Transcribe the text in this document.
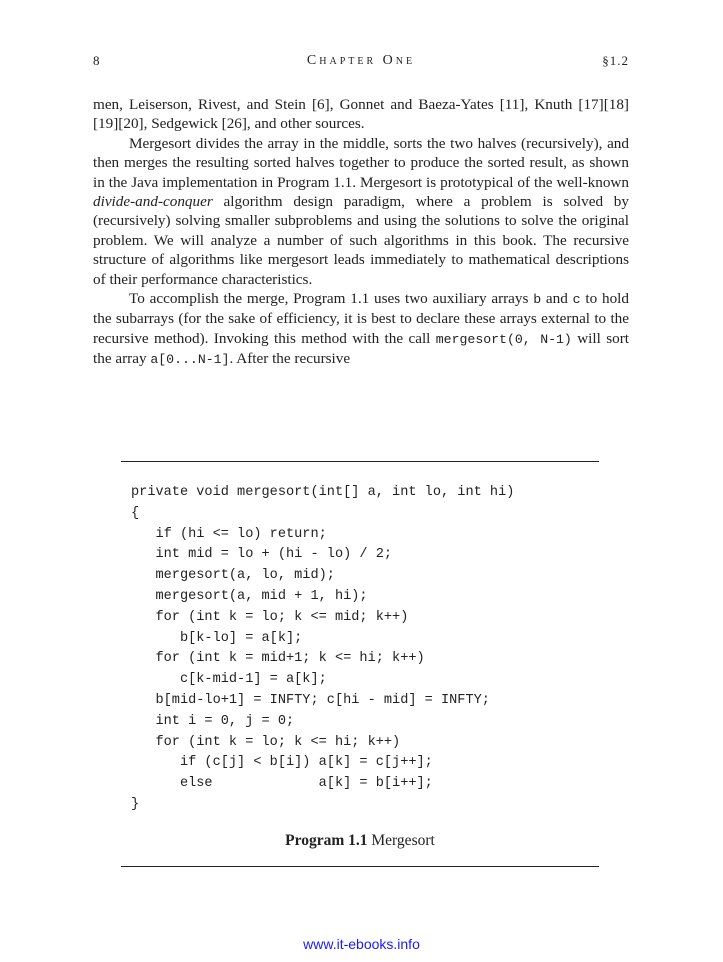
8	Chapter One	§1.2

men, Leiserson, Rivest, and Stein [6], Gonnet and Baeza-Yates [11], Knuth [17][18][19][20], Sedgewick [26], and other sources.

Mergesort divides the array in the middle, sorts the two halves (recursively), and then merges the resulting sorted halves together to produce the sorted result, as shown in the Java implementation in Program 1.1. Mergesort is prototypical of the well-known divide-and-conquer algorithm design paradigm, where a problem is solved by (recursively) solving smaller subproblems and using the solutions to solve the original problem. We will analyze a number of such algorithms in this book. The recursive structure of algorithms like mergesort leads immediately to mathematical descriptions of their performance characteristics.

To accomplish the merge, Program 1.1 uses two auxiliary arrays b and c to hold the subarrays (for the sake of efficiency, it is best to declare these arrays external to the recursive method). Invoking this method with the call mergesort(0, N-1) will sort the array a[0...N-1]. After the recursive

private void mergesort(int[] a, int lo, int hi)
{
if (hi <= lo) return;
int mid = lo + (hi - lo) / 2;
mergesort(a, lo, mid);
mergesort(a, mid + 1, hi);
for (int k = lo; k <= mid; k++)
b[k-lo] = a[k];
for (int k = mid+1; k <= hi; k++)
c[k-mid-1] = a[k];
b[mid-lo+1] = INFTY; c[hi - mid] = INFTY;
int i = 0, j = 0;
for (int k = lo; k <= hi; k++)
if (c[j] < b[i]) a[k] = c[j++];
else             a[k] = b[i++];
}
Program 1.1 Mergesort
www.it-ebooks.info
